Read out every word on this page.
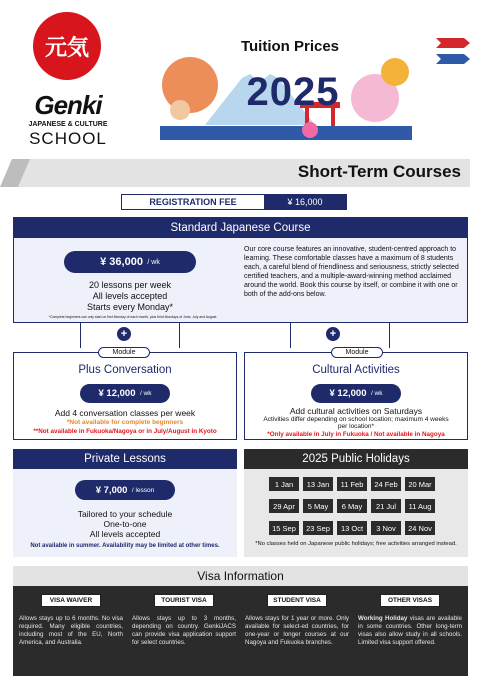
元気
Genki
JAPANESE & CULTURE
SCHOOL
Tuition Prices
2025
Short-Term Courses
REGISTRATION FEE	¥ 16,000
Standard Japanese Course
¥ 36,000
/ wk
20 lessons per week
All levels accepted
Starts every Monday*
*Complete beginners can only start on first Monday of each month, plus third Mondays of June, July and August.
Our core course features an innovative, student-centred approach to learning. These comfortable classes have a maximum of 8 students each, a careful blend of friendliness and seriousness, strictly selected certified teachers, and a multiple-award-winning method acclaimed around the world. Book this course by itself, or combine it with one or both of the add-ons below.
+	+
Module
Plus Conversation
¥ 12,000
/ wk
Add 4 conversation classes per week
*Not available for complete beginners
**Not available in Fukuoka/Nagoya or in July/August in Kyoto
Module
Cultural Activities
¥ 12,000
/ wk
Add cultural activities on Saturdays
Activities differ depending on school location; maximum 4 weeks per location*
*Only available in July in Fukuoka / Not available in Nagoya
Private Lessons
¥ 7,000
/ lesson
Tailored to your schedule
One-to-one
All levels accepted
Not available in summer. Availability may be limited at other times.
2025 Public Holidays
1 Jan	13 Jan	11 Feb	24 Feb	20 Mar
29 Apr	5 May	6 May	21 Jul	11 Aug
15 Sep	23 Sep	13 Oct	3 Nov	24 Nov
*No classes held on Japanese public holidays; free activities arranged instead.
Visa Information
VISA WAIVER
Allows stays up to 6 months. No visa required. Many eligible countries, including most of the EU, North America, and Australia.
TOURIST VISA
Allows stays up to 3 months, depending on country. GenkiJACS can provide visa application support for select countries.
STUDENT VISA
Allows stays for 1 year or more. Only available for select-ed countries, for one-year or longer courses at our Nagoya and Fukuoka branches.
OTHER VISAS
Working Holiday visas are available in some countries. Other long-term visas also allow study in all schools. Limited visa support offered.
